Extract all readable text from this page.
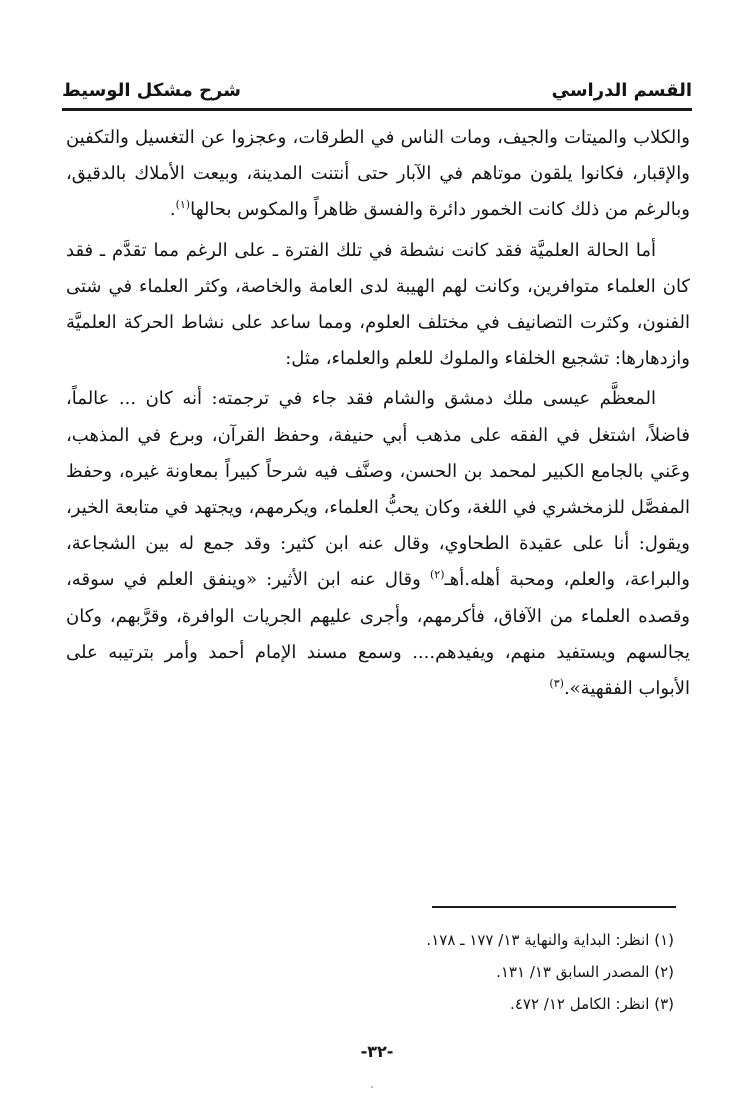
القسم الدراسي
شرح مشكل الوسيط

والكلاب والميتات والجيف، ومات الناس في الطرقات، وعجزوا عن التغسيل والتكفين والإقبار، فكانوا يلقون موتاهم في الآبار حتى أنتنت المدينة، وبيعت الأملاك بالدقيق، وبالرغم من ذلك كانت الخمور دائرة والفسق ظاهراً والمكوس بحالها$^{(١)}$.

أما الحالة العلميَّة فقد كانت نشطة في تلك الفترة ـ على الرغم مما تقدَّم ـ فقد كان العلماء متوافرين، وكانت لهم الهيبة لدى العامة والخاصة، وكثر العلماء في شتى الفنون، وكثرت التصانيف في مختلف العلوم، ومما ساعد على نشاط الحركة العلميَّة وازدهارها: تشجيع الخلفاء والملوك للعلم والعلماء، مثل:

المعظَّم عيسى ملك دمشق والشام فقد جاء في ترجمته: أنه كان ... عالماً، فاضلاً، اشتغل في الفقه على مذهب أبي حنيفة، وحفظ القرآن، وبرع في المذهب، وعَني بالجامع الكبير لمحمد بن الحسن، وصنَّف فيه شرحاً كبيراً بمعاونة غيره، وحفظ المفصَّل للزمخشري في اللغة، وكان يحبُّ العلماء، ويكرمهم، ويجتهد في متابعة الخير، ويقول: أنا على عقيدة الطحاوي، وقال عنه ابن كثير: وقد جمع له بين الشجاعة، والبراعة، والعلم، ومحبة أهله.أهـ$^{(٢)}$ وقال عنه ابن الأثير: «وينفق العلم في سوقه، وقصده العلماء من الآفاق، فأكرمهم، وأجرى عليهم الجريات الوافرة، وقرَّبهم، وكان يجالسهم ويستفيد منهم، ويفيدهم.... وسمع مسند الإمام أحمد وأمر بترتيبه على الأبواب الفقهية».$^{(٣)}$

(١) انظر: البداية والنهاية ١٣/ ١٧٧ ـ ١٧٨.
(٢) المصدر السابق ١٣/ ١٣١.
(٣) انظر: الكامل ١٢/ ٤٧٢.
-٣٢-
